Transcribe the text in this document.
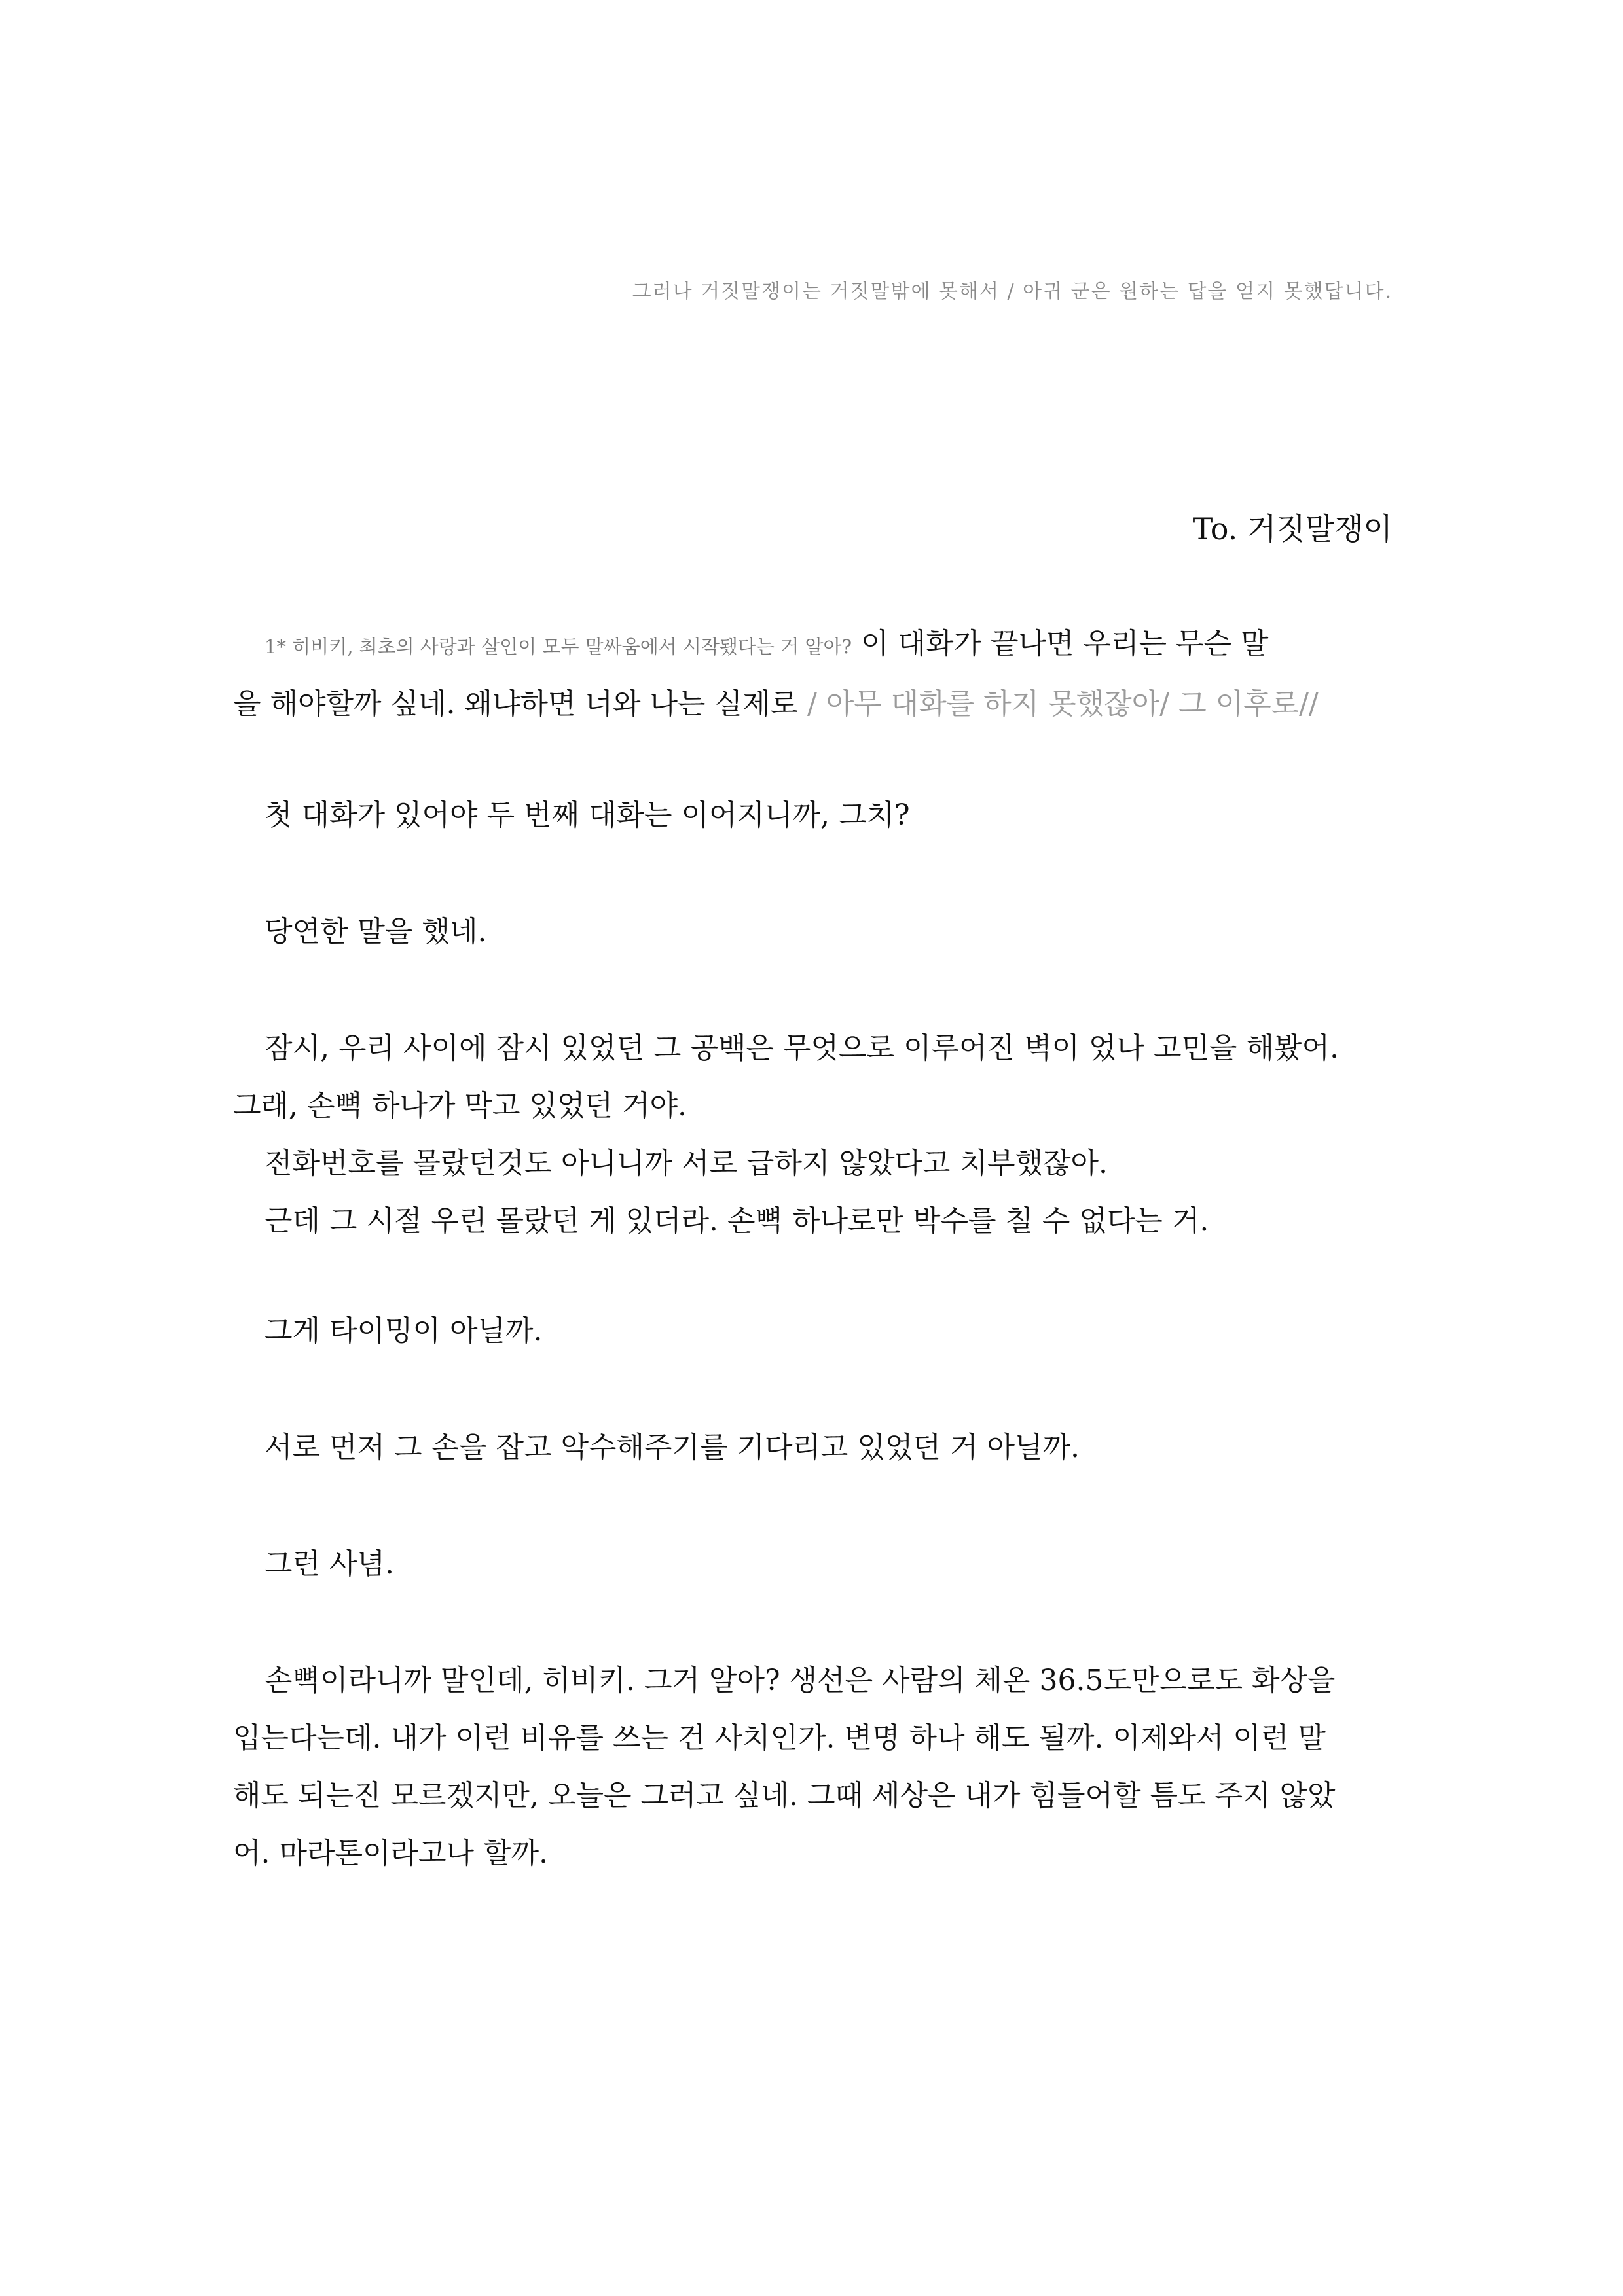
그러나 거짓말쟁이는 거짓말밖에 못해서 / 아귀 군은 원하는 답을 얻지 못했답니다.
To. 거짓말쟁이
1* 히비키, 최초의 사랑과 살인이 모두 말싸움에서 시작됐다는 거 알아? 이 대화가 끝나면 우리는 무슨 말
을 해야할까 싶네. 왜냐하면 너와 나는 실제로 / 아무 대화를 하지 못했잖아/ 그 이후로//
첫 대화가 있어야 두 번째 대화는 이어지니까, 그치?
당연한 말을 했네.
잠시, 우리 사이에 잠시 있었던 그 공백은 무엇으로 이루어진 벽이 었나 고민을 해봤어.
그래, 손뼉 하나가 막고 있었던 거야.
전화번호를 몰랐던것도 아니니까 서로 급하지 않았다고 치부했잖아.
근데 그 시절 우린 몰랐던 게 있더라. 손뼉 하나로만 박수를 칠 수 없다는 거.
그게 타이밍이 아닐까.
서로 먼저 그 손을 잡고 악수해주기를 기다리고 있었던 거 아닐까.
그런 사념.
손뼉이라니까 말인데, 히비키. 그거 알아? 생선은 사람의 체온 36.5도만으로도 화상을
입는다는데. 내가 이런 비유를 쓰는 건 사치인가. 변명 하나 해도 될까. 이제와서 이런 말
해도 되는진 모르겠지만, 오늘은 그러고 싶네. 그때 세상은 내가 힘들어할 틈도 주지 않았
어. 마라톤이라고나 할까.
